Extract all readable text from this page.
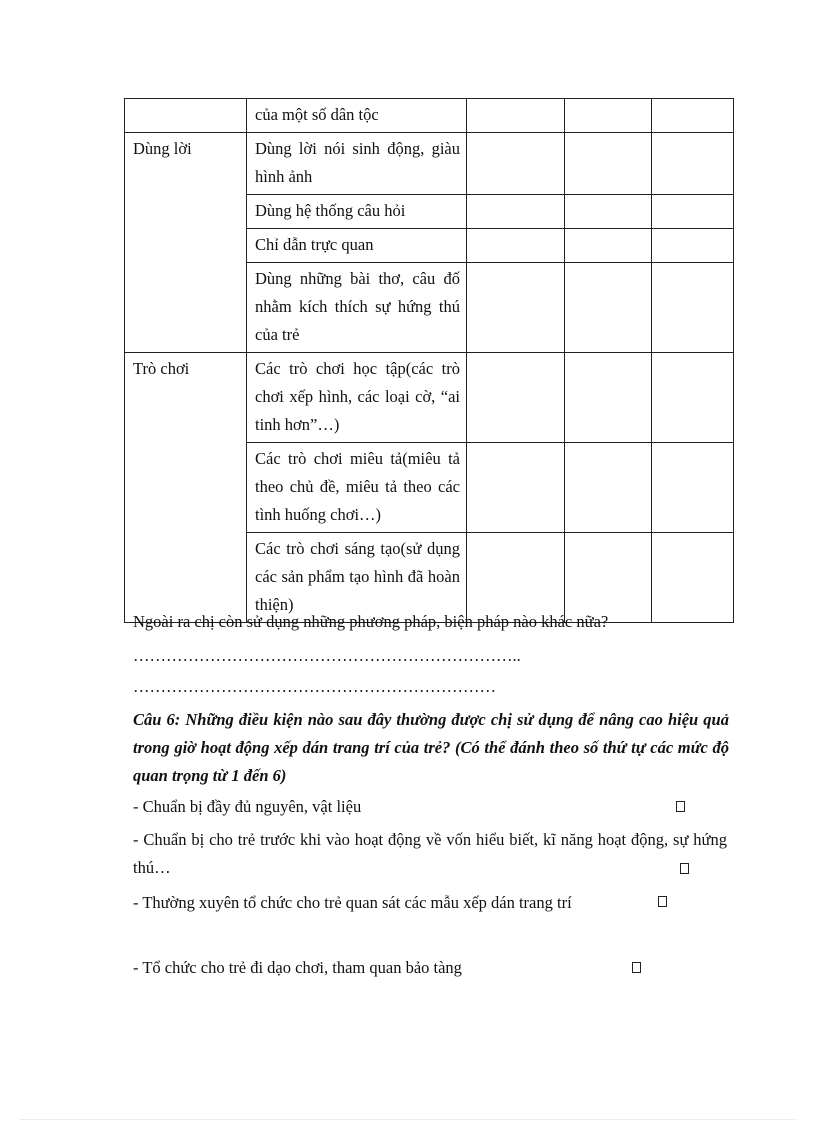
	của một số dân tộc			
Dùng lời	Dùng lời nói sinh động, giàu hình ảnh			
	Dùng hệ thống câu hỏi			
	Chỉ dẫn trực quan			
	Dùng những bài thơ, câu đố nhằm kích thích sự hứng thú của trẻ			
Trò chơi	Các trò chơi học tập(các trò chơi xếp hình, các loại cờ, “ai tinh hơn”…)			
	Các trò chơi miêu tả(miêu tả theo chủ đề, miêu tả theo các tình huống chơi…)			
	Các trò chơi sáng tạo(sử dụng các sản phẩm tạo hình đã hoàn thiện)			
Ngoài ra chị còn sử dụng những phương pháp, biện pháp nào khác nữa?
……………………………………………………………..
…………………………………………………………
Câu 6: Những điều kiện nào sau đây thường được chị sử dụng để nâng cao hiệu quả trong giờ hoạt động xếp dán trang trí của trẻ? (Có thể đánh theo số thứ tự các mức độ quan trọng từ 1 đến 6)
- Chuẩn bị đầy đủ nguyên, vật liệu
- Chuẩn bị cho trẻ trước khi vào hoạt động về vốn hiểu biết, kĩ năng hoạt động, sự hứng thú…
- Thường xuyên tổ chức cho trẻ quan sát các mẫu xếp dán trang trí
- Tổ chức cho trẻ đi dạo chơi, tham quan bảo tàng
